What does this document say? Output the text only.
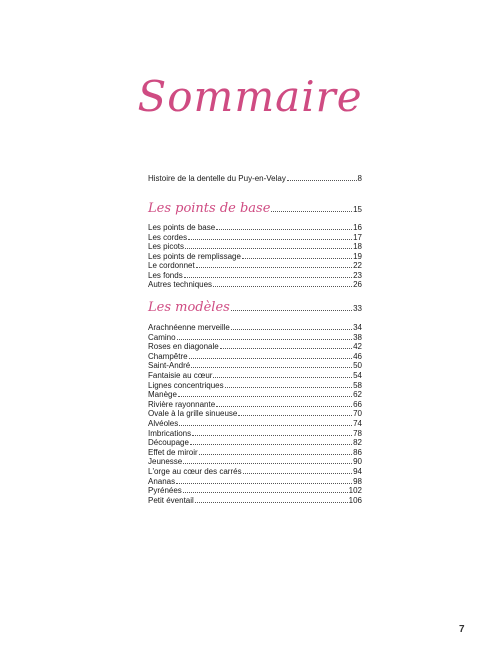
Sommaire
Histoire de la dentelle du Puy-en-Velay	8
Les points de base	15
Les points de base	16
Les cordes	17
Les picots	18
Les points de remplissage	19
Le cordonnet	22
Les fonds	23
Autres techniques	26
Les modèles	33
Arachnéenne merveille	34
Camino	38
Roses en diagonale	42
Champêtre	46
Saint-André	50
Fantaisie au cœur	54
Lignes concentriques	58
Manège	62
Rivière rayonnante	66
Ovale à la grille sinueuse	70
Alvéoles	74
Imbrications	78
Découpage	82
Effet de miroir	86
Jeunesse	90
L'orge au cœur des carrés	94
Ananas	98
Pyrénées	102
Petit éventail	106
7
